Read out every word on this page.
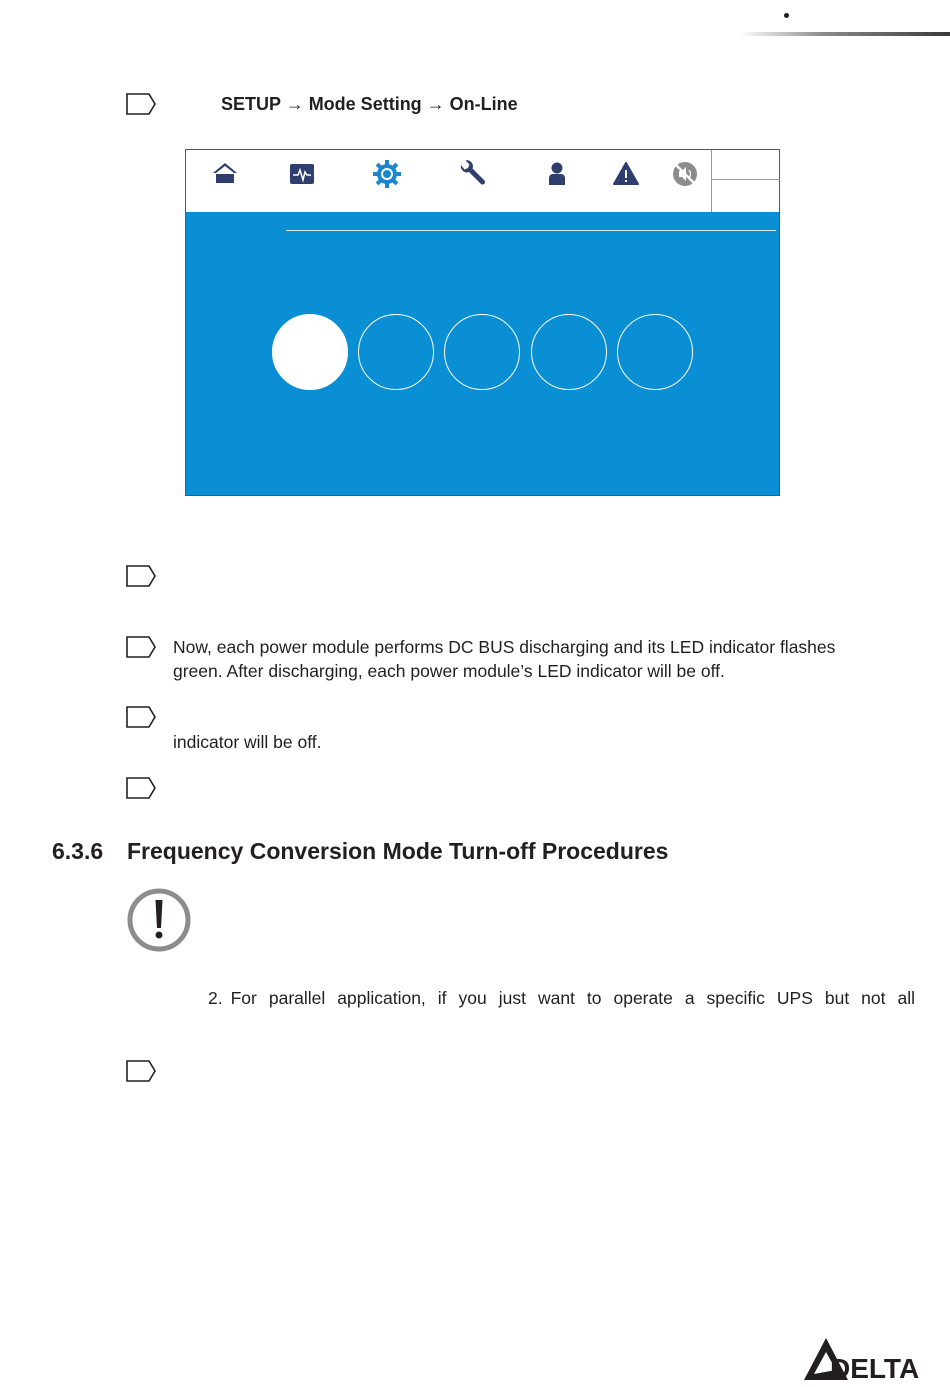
SETUP → Mode Setting → On-Line
Now, each power module performs DC BUS discharging and its LED indicator flashes
green. After discharging, each power module’s LED indicator will be off.
indicator will be off.
6.3.6 Frequency Conversion Mode Turn-off Procedures
2. For parallel application, if you just want to operate a specific UPS but not all
DELTA
